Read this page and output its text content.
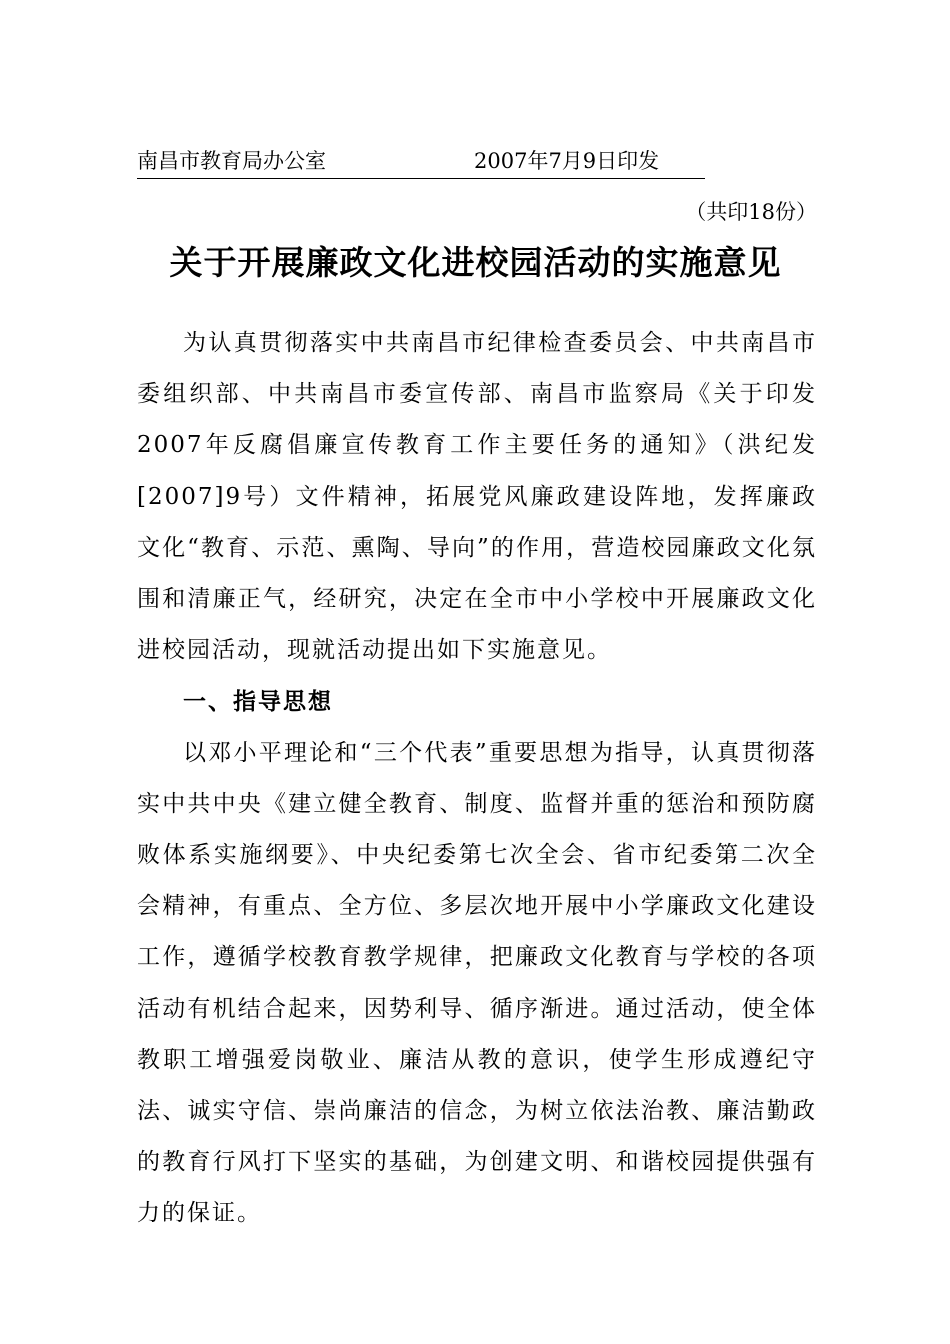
南昌市教育局办公室	2007年7月9日印发
（共印18份）
关于开展廉政文化进校园活动的实施意见

为认真贯彻落实中共南昌市纪律检查委员会、中共南昌市委组织部、中共南昌市委宣传部、南昌市监察局《关于印发2007年反腐倡廉宣传教育工作主要任务的通知》（洪纪发[2007]9号）文件精神，拓展党风廉政建设阵地，发挥廉政文化“教育、示范、熏陶、导向”的作用，营造校园廉政文化氛围和清廉正气，经研究，决定在全市中小学校中开展廉政文化进校园活动，现就活动提出如下实施意见。

一、指导思想

以邓小平理论和“三个代表”重要思想为指导，认真贯彻落实中共中央《建立健全教育、制度、监督并重的惩治和预防腐败体系实施纲要》、中央纪委第七次全会、省市纪委第二次全会精神，有重点、全方位、多层次地开展中小学廉政文化建设工作，遵循学校教育教学规律，把廉政文化教育与学校的各项活动有机结合起来，因势利导、循序渐进。通过活动，使全体教职工增强爱岗敬业、廉洁从教的意识，使学生形成遵纪守法、诚实守信、崇尚廉洁的信念，为树立依法治教、廉洁勤政的教育行风打下坚实的基础，为创建文明、和谐校园提供强有力的保证。
